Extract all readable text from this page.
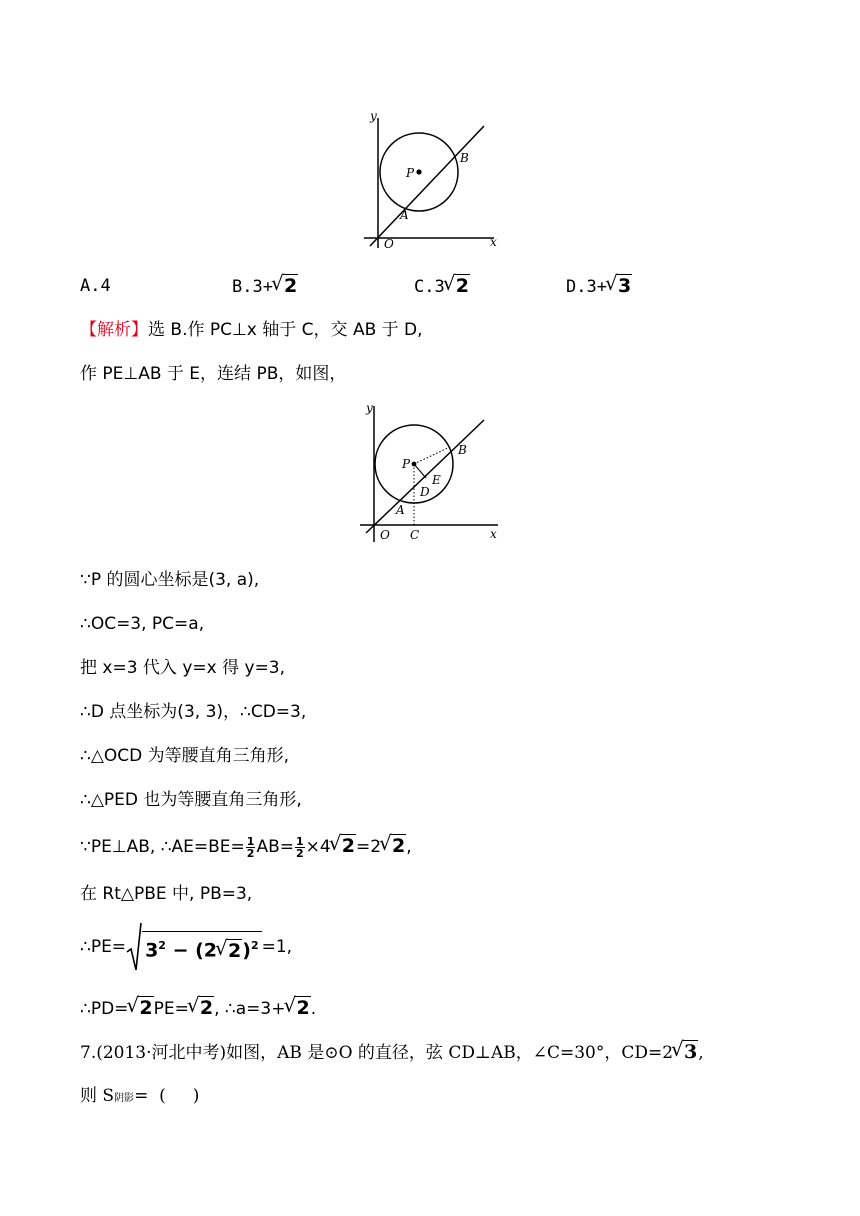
y
x
O
P
A
B
A.4	B.3+√ 2	C.3√ 2	D.3+√ 3
【解析】选 B.作 PC⊥x 轴于 C，交 AB 于 D,
作 PE⊥AB 于 E，连结 PB，如图，
y
x
O C
P
A
B
D
E
∵P 的圆心坐标是(3, a),
∴OC=3, PC=a,
把 x=3 代入 y=x 得 y=3,
∴D 点坐标为(3, 3)，∴CD=3,
∴△OCD 为等腰直角三角形,
∴△PED 也为等腰直角三角形,
∵PE⊥AB, ∴AE=BE= $\frac{1}{2} AB= \frac{1}{2} \times 4√$ 2=2√ 2,
在 Rt△PBE 中, PB=3,
∴PE= $3^2 - (2√$ 2)$^2$ =1,
∴PD=√ 2PE=√ 2, ∴a=3+√ 2.
7.(2013·河北中考)如图，AB 是⊙O 的直径，弦 CD⊥AB，∠C=30°，CD=2√ 3,
则 S阴影=  (     )
